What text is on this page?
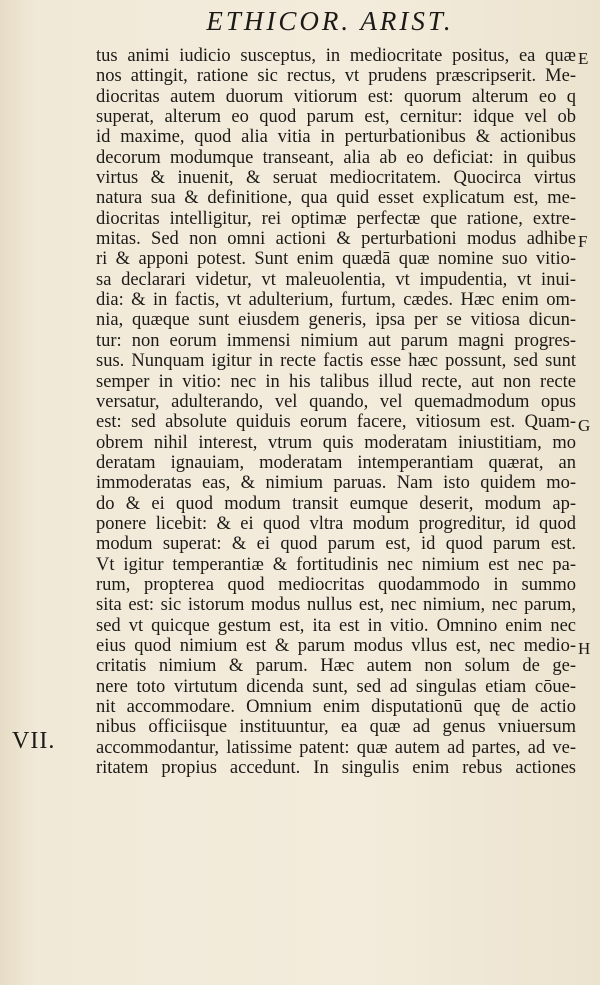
ETHICOR. ARIST.
VII.
E
F
G
H
tus animi iudicio susceptus, in mediocritate positus, ea quæ
nos attingit, ratione sic rectus, vt prudens præscripserit. Me-
diocritas autem duorum vitiorum est: quorum alterum eo q
superat, alterum eo quod parum est, cernitur: idque vel ob
id maxime, quod alia vitia in perturbationibus & actionibus
decorum modumque transeant, alia ab eo deficiat: in quibus
virtus & inuenit, & seruat mediocritatem. Quocirca virtus
natura sua & definitione, qua quid esset explicatum est, me-
diocritas intelligitur, rei optimæ perfectæ que ratione, extre-
mitas. Sed non omni actioni & perturbationi modus adhibe
ri & apponi potest. Sunt enim quædā quæ nomine suo vitio-
sa declarari videtur, vt maleuolentia, vt impudentia, vt inui-
dia: & in factis, vt adulterium, furtum, cædes. Hæc enim om-
nia, quæque sunt eiusdem generis, ipsa per se vitiosa dicun-
tur: non eorum immensi nimium aut parum magni progres-
sus. Nunquam igitur in recte factis esse hæc possunt, sed sunt
semper in vitio: nec in his talibus illud recte, aut non recte
versatur, adulterando, vel quando, vel quemadmodum opus
est: sed absolute quiduis eorum facere, vitiosum est. Quam-
obrem nihil interest, vtrum quis moderatam iniustitiam, mo
deratam ignauiam, moderatam intemperantiam quærat, an
immoderatas eas, & nimium paruas. Nam isto quidem mo-
do & ei quod modum transit eumque deserit, modum ap-
ponere licebit: & ei quod vltra modum progreditur, id quod
modum superat: & ei quod parum est, id quod parum est.
Vt igitur temperantiæ & fortitudinis nec nimium est nec pa-
rum, propterea quod mediocritas quodammodo in summo
sita est: sic istorum modus nullus est, nec nimium, nec parum,
sed vt quicque gestum est, ita est in vitio. Omnino enim nec
eius quod nimium est & parum modus vllus est, nec medio-
critatis nimium & parum. Hæc autem non solum de ge-
nere toto virtutum dicenda sunt, sed ad singulas etiam cōue-
nit accommodare. Omnium enim disputationū quę de actio
nibus officiisque instituuntur, ea quæ ad genus vniuersum
accommodantur, latissime patent: quæ autem ad partes, ad ve-
ritatem propius accedunt. In singulis enim rebus actiones
